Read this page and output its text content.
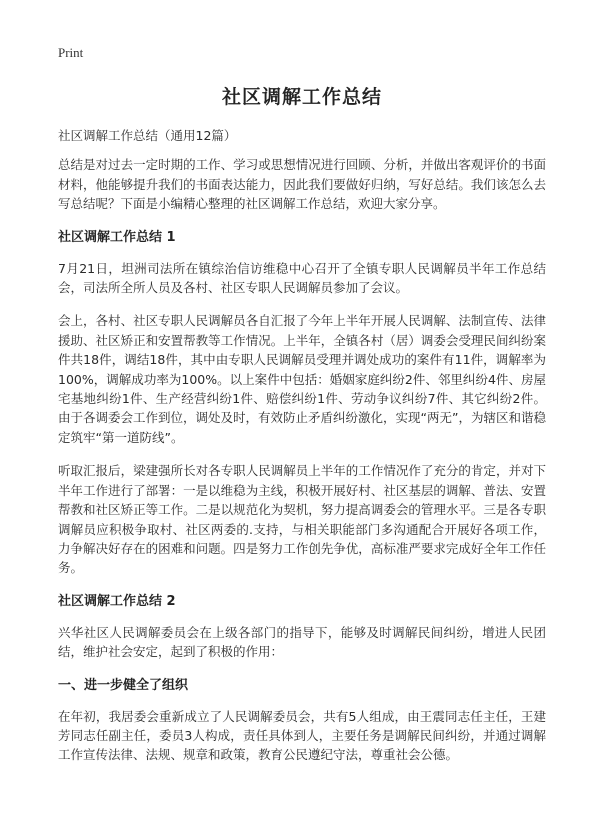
Print
社区调解工作总结

社区调解工作总结（通用12篇）

总结是对过去一定时期的工作、学习或思想情况进行回顾、分析，并做出客观评价的书面材料，他能够提升我们的书面表达能力，因此我们要做好归纳，写好总结。我们该怎么去写总结呢？下面是小编精心整理的社区调解工作总结，欢迎大家分享。

社区调解工作总结 1

7月21日，坦洲司法所在镇综治信访维稳中心召开了全镇专职人民调解员半年工作总结会，司法所全所人员及各村、社区专职人民调解员参加了会议。

会上，各村、社区专职人民调解员各自汇报了今年上半年开展人民调解、法制宣传、法律援助、社区矫正和安置帮教等工作情况。上半年，全镇各村（居）调委会受理民间纠纷案件共18件，调结18件，其中由专职人民调解员受理并调处成功的案件有11件，调解率为100%，调解成功率为100%。以上案件中包括：婚姻家庭纠纷2件、邻里纠纷4件、房屋宅基地纠纷1件、生产经营纠纷1件、赔偿纠纷1件、劳动争议纠纷7件、其它纠纷2件。由于各调委会工作到位，调处及时，有效防止矛盾纠纷激化，实现“两无”，为辖区和谐稳定筑牢“第一道防线”。

听取汇报后，梁建强所长对各专职人民调解员上半年的工作情况作了充分的肯定，并对下半年工作进行了部署：一是以维稳为主线，积极开展好村、社区基层的调解、普法、安置帮教和社区矫正等工作。二是以规范化为契机，努力提高调委会的管理水平。三是各专职调解员应积极争取村、社区两委的.支持，与相关职能部门多沟通配合开展好各项工作，力争解决好存在的困难和问题。四是努力工作创先争优，高标准严要求完成好全年工作任务。

社区调解工作总结 2

兴华社区人民调解委员会在上级各部门的指导下，能够及时调解民间纠纷，增进人民团结，维护社会安定，起到了积极的作用：

一、进一步健全了组织

在年初，我居委会重新成立了人民调解委员会，共有5人组成，由王震同志任主任，王建芳同志任副主任，委员3人构成，责任具体到人，主要任务是调解民间纠纷，并通过调解工作宣传法律、法规、规章和政策，教育公民遵纪守法，尊重社会公德。
